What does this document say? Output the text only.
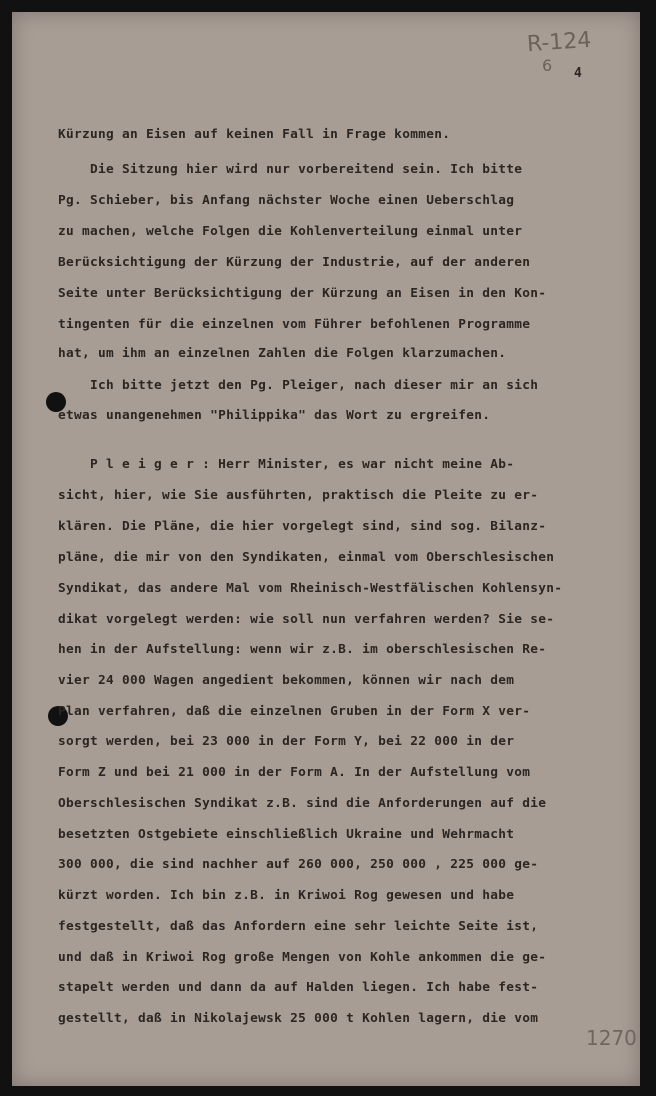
R-124
6 4
Kürzung an Eisen auf keinen Fall in Frage kommen.
Die Sitzung hier wird nur vorbereitend sein. Ich bitte
Pg. Schieber, bis Anfang nächster Woche einen Ueberschlag
zu machen, welche Folgen die Kohlenverteilung einmal unter
Berücksichtigung der Kürzung der Industrie, auf der anderen
Seite unter Berücksichtigung der Kürzung an Eisen in den Kon-
tingenten für die einzelnen vom Führer befohlenen Programme
hat, um ihm an einzelnen Zahlen die Folgen klarzumachen.
Ich bitte jetzt den Pg. Pleiger, nach dieser mir an sich
etwas unangenehmen "Philippika" das Wort zu ergreifen.
P l e i g e r : Herr Minister, es war nicht meine Ab-
sicht, hier, wie Sie ausführten, praktisch die Pleite zu er-
klären. Die Pläne, die hier vorgelegt sind, sind sog. Bilanz-
pläne, die mir von den Syndikaten, einmal vom Oberschlesischen
Syndikat, das andere Mal vom Rheinisch-Westfälischen Kohlensyn-
dikat vorgelegt werden: wie soll nun verfahren werden? Sie se-
hen in der Aufstellung: wenn wir z.B. im oberschlesischen Re-
vier 24 000 Wagen angedient bekommen, können wir nach dem
Plan verfahren, daß die einzelnen Gruben in der Form X ver-
sorgt werden, bei 23 000 in der Form Y, bei 22 000 in der
Form Z und bei 21 000 in der Form A. In der Aufstellung vom
Oberschlesischen Syndikat z.B. sind die Anforderungen auf die
besetzten Ostgebiete einschließlich Ukraine und Wehrmacht
300 000, die sind nachher auf 260 000, 250 000 , 225 000 ge-
kürzt worden. Ich bin z.B. in Kriwoi Rog gewesen und habe
festgestellt, daß das Anfordern eine sehr leichte Seite ist,
und daß in Kriwoi Rog große Mengen von Kohle ankommen die ge-
stapelt werden und dann da auf Halden liegen. Ich habe fest-
gestellt, daß in Nikolajewsk 25 000 t Kohlen lagern, die vom
1270
